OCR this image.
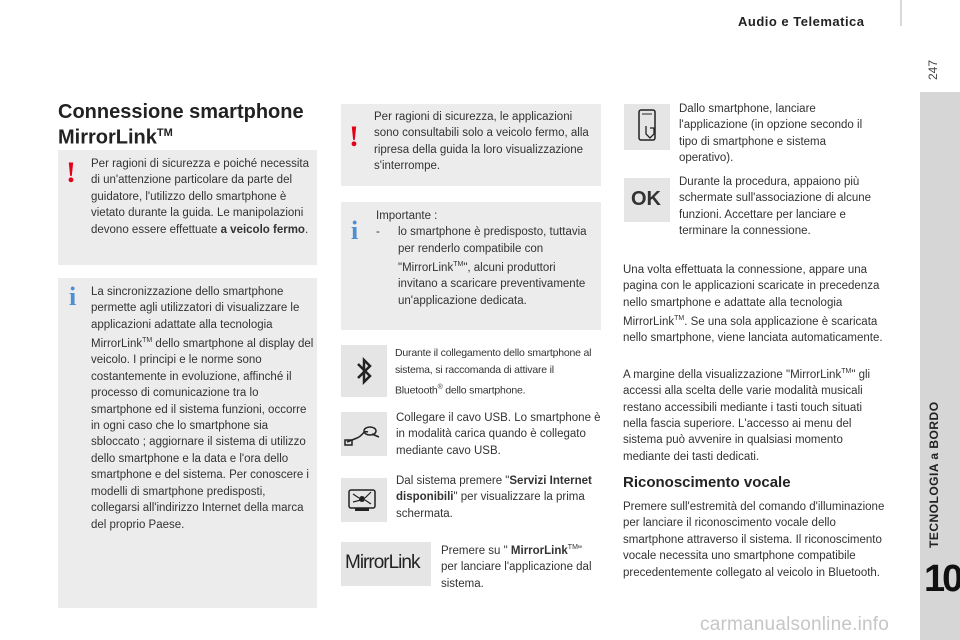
Audio e Telematica
247
TECNOLOGIA a BORDO
10
Connessione smartphone MirrorLink™
! Per ragioni di sicurezza e poiché necessita di un'attenzione particolare da parte del guidatore, l'utilizzo dello smartphone è vietato durante la guida. Le manipolazioni devono essere effettuate a veicolo fermo.
i La sincronizzazione dello smartphone permette agli utilizzatori di visualizzare le applicazioni adattate alla tecnologia MirrorLink™ dello smartphone al display del veicolo. I principi e le norme sono costantemente in evoluzione, affinché il processo di comunicazione tra lo smartphone ed il sistema funzioni, occorre in ogni caso che lo smartphone sia sbloccato ; aggiornare il sistema di utilizzo dello smartphone e la data e l'ora dello smartphone e del sistema. Per conoscere i modelli di smartphone predisposti, collegarsi all'indirizzo Internet della marca del proprio Paese.
!
Per ragioni di sicurezza, le applicazioni sono consultabili solo a veicolo fermo, alla ripresa della guida la loro visualizzazione s'interrompe.
i Importante :
-	lo smartphone è predisposto, tuttavia per renderlo compatibile con "MirrorLink™", alcuni produttori invitano a scaricare preventivamente un'applicazione dedicata.
Durante il collegamento dello smartphone al sistema, si raccomanda di attivare il Bluetooth® dello smartphone.
Collegare il cavo USB. Lo smartphone è in modalità carica quando è collegato mediante cavo USB.
Dal sistema premere "Servizi Internet disponibili" per visualizzare la prima schermata.
MirrorLink
Premere su " MirrorLink™" per lanciare l'applicazione dal sistema.
Dallo smartphone, lanciare l'applicazione (in opzione secondo il tipo di smartphone e sistema operativo).
OK
Durante la procedura, appaiono più schermate sull'associazione di alcune funzioni. Accettare per lanciare e terminare la connessione.
Una volta effettuata la connessione, appare una pagina con le applicazioni scaricate in precedenza nello smartphone e adattate alla tecnologia MirrorLink™. Se una sola applicazione è scaricata nello smartphone, viene lanciata automaticamente.
A margine della visualizzazione "MirrorLink™" gli accessi alla scelta delle varie modalità musicali restano accessibili mediante i tasti touch situati nella fascia superiore. L'accesso ai menu del sistema può avvenire in qualsiasi momento mediante dei tasti dedicati.
Riconoscimento vocale
Premere sull'estremità del comando d'illuminazione per lanciare il riconoscimento vocale dello smartphone attraverso il sistema. Il riconoscimento vocale necessita uno smartphone compatibile precedentemente collegato al veicolo in Bluetooth.
carmanualsonline.info
